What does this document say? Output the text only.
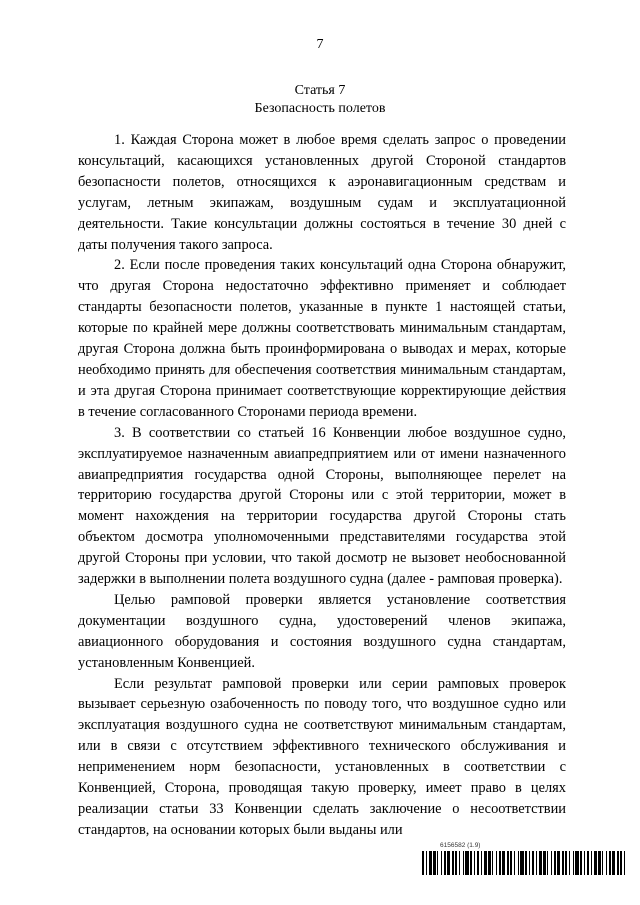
7
Статья 7
Безопасность полетов

1. Каждая Сторона может в любое время сделать запрос о проведении консультаций, касающихся установленных другой Стороной стандартов безопасности полетов, относящихся к аэронавигационным средствам и услугам, летным экипажам, воздушным судам и эксплуатационной деятельности. Такие консультации должны состояться в течение 30 дней с даты получения такого запроса.

2. Если после проведения таких консультаций одна Сторона обнаружит, что другая Сторона недостаточно эффективно применяет и соблюдает стандарты безопасности полетов, указанные в пункте 1 настоящей статьи, которые по крайней мере должны соответствовать минимальным стандартам, другая Сторона должна быть проинформирована о выводах и мерах, которые необходимо принять для обеспечения соответствия минимальным стандартам, и эта другая Сторона принимает соответствующие корректирующие действия в течение согласованного Сторонами периода времени.

3. В соответствии со статьей 16 Конвенции любое воздушное судно, эксплуатируемое назначенным авиапредприятием или от имени назначенного авиапредприятия государства одной Стороны, выполняющее перелет на территорию государства другой Стороны или с этой территории, может в момент нахождения на территории государства другой Стороны стать объектом досмотра уполномоченными представителями государства этой другой Стороны при условии, что такой досмотр не вызовет необоснованной задержки в выполнении полета воздушного судна (далее - рамповая проверка).

Целью рамповой проверки является установление соответствия документации воздушного судна, удостоверений членов экипажа, авиационного оборудования и состояния воздушного судна стандартам, установленным Конвенцией.

Если результат рамповой проверки или серии рамповых проверок вызывает серьезную озабоченность по поводу того, что воздушное судно или эксплуатация воздушного судна не соответствуют минимальным стандартам, или в связи с отсутствием эффективного технического обслуживания и неприменением норм безопасности, установленных в соответствии с Конвенцией, Сторона, проводящая такую проверку, имеет право в целях реализации статьи 33 Конвенции сделать заключение о несоответствии стандартов, на основании которых были выданы или

6156582 (1.9)
